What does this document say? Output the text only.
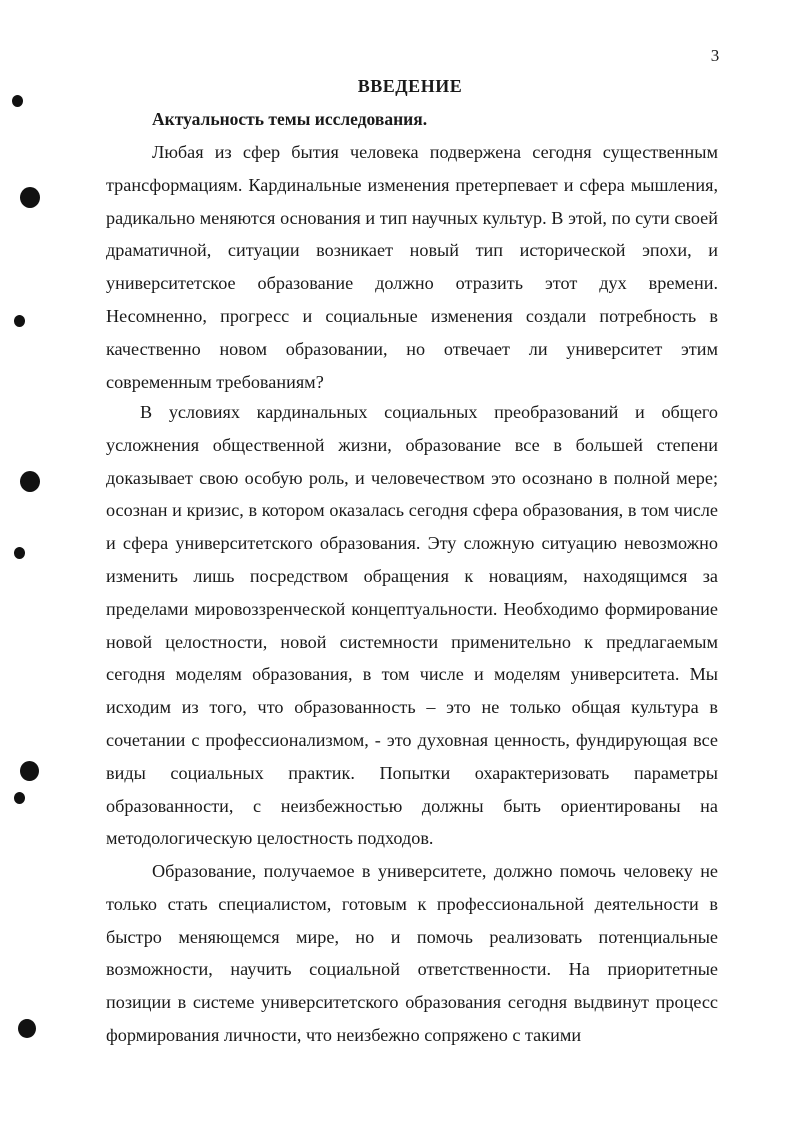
3
ВВЕДЕНИЕ
Актуальность темы исследования.

Любая из сфер бытия человека подвержена сегодня существенным трансформациям. Кардинальные изменения претерпевает и сфера мышления, радикально меняются основания и тип научных культур. В этой, по сути своей драматичной, ситуации возникает новый тип исторической эпохи, и университетское образование должно отразить этот дух времени. Несомненно, прогресс и социальные изменения создали потребность в качественно новом образовании, но отвечает ли университет этим современным требованиям?

В условиях кардинальных социальных преобразований и общего усложнения общественной жизни, образование все в большей степени доказывает свою особую роль, и человечеством это осознано в полной мере; осознан и кризис, в котором оказалась сегодня сфера образования, в том числе и сфера университетского образования. Эту сложную ситуацию невозможно изменить лишь посредством обращения к новациям, находящимся за пределами мировоззренческой концептуальности. Необходимо формирование новой целостности, новой системности применительно к предлагаемым сегодня моделям образования, в том числе и моделям университета. Мы исходим из того, что образованность – это не только общая культура в сочетании с профессионализмом, - это духовная ценность, фундирующая все виды социальных практик. Попытки охарактеризовать параметры образованности, с неизбежностью должны быть ориентированы на методологическую целостность подходов.

Образование, получаемое в университете, должно помочь человеку не только стать специалистом, готовым к профессиональной деятельности в быстро меняющемся мире, но и помочь реализовать потенциальные возможности, научить социальной ответственности. На приоритетные позиции в системе университетского образования сегодня выдвинут процесс формирования личности, что неизбежно сопряжено с такими
